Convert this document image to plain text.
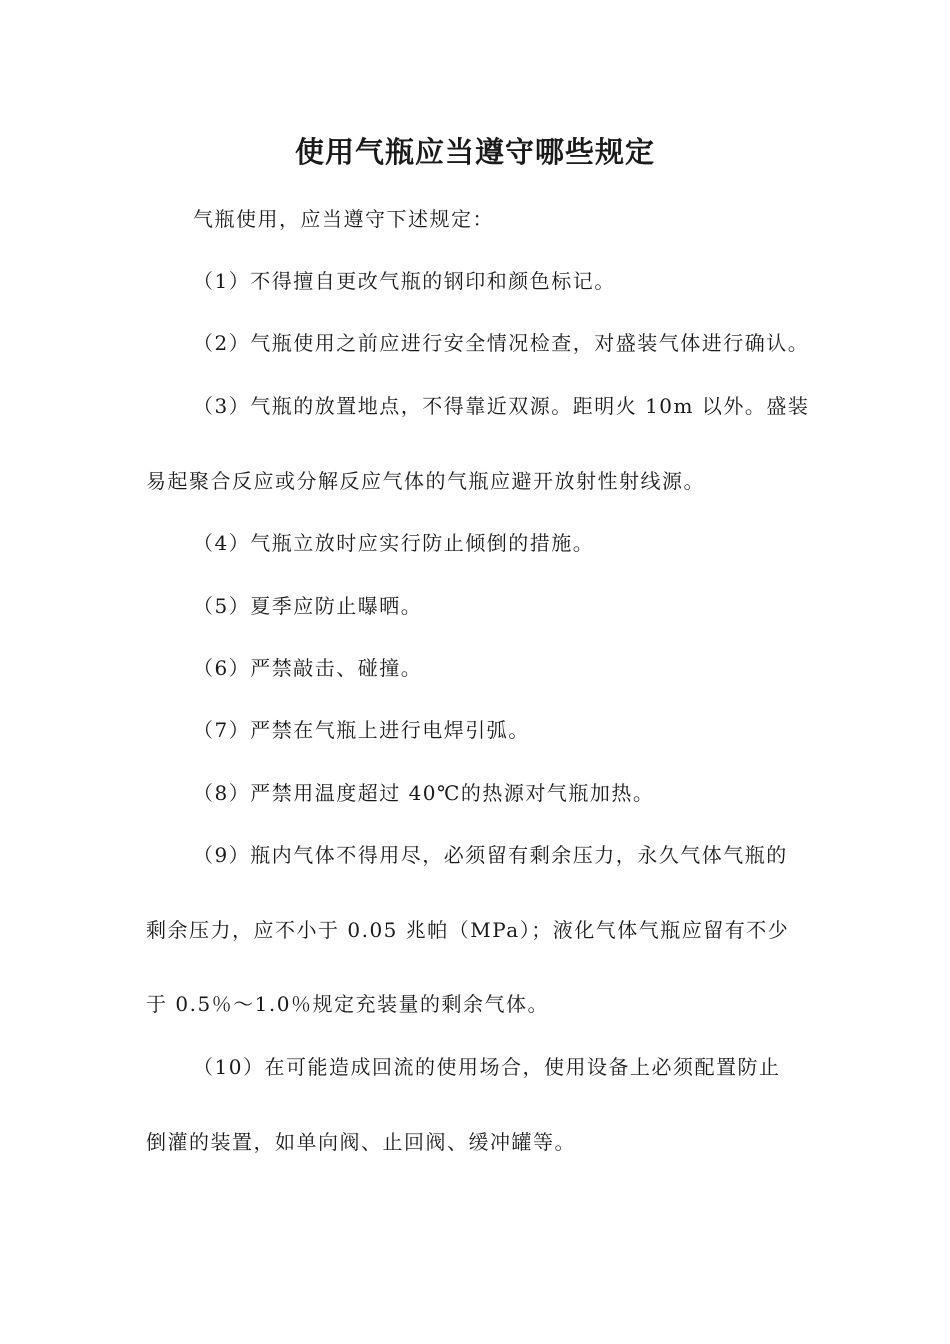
使用气瓶应当遵守哪些规定
气瓶使用，应当遵守下述规定：
（1）不得擅自更改气瓶的钢印和颜色标记。
（2）气瓶使用之前应进行安全情况检查，对盛装气体进行确认。
（3）气瓶的放置地点，不得靠近双源。距明火 10m 以外。盛装
易起聚合反应或分解反应气体的气瓶应避开放射性射线源。
（4）气瓶立放时应实行防止倾倒的措施。
（5）夏季应防止曝晒。
（6）严禁敲击、碰撞。
（7）严禁在气瓶上进行电焊引弧。
（8）严禁用温度超过 40℃的热源对气瓶加热。
（9）瓶内气体不得用尽，必须留有剩余压力，永久气体气瓶的
剩余压力，应不小于 0.05 兆帕（MPa）；液化气体气瓶应留有不少
于 0.5％～1.0％规定充装量的剩余气体。
（10）在可能造成回流的使用场合，使用设备上必须配置防止
倒灌的装置，如单向阀、止回阀、缓冲罐等。
